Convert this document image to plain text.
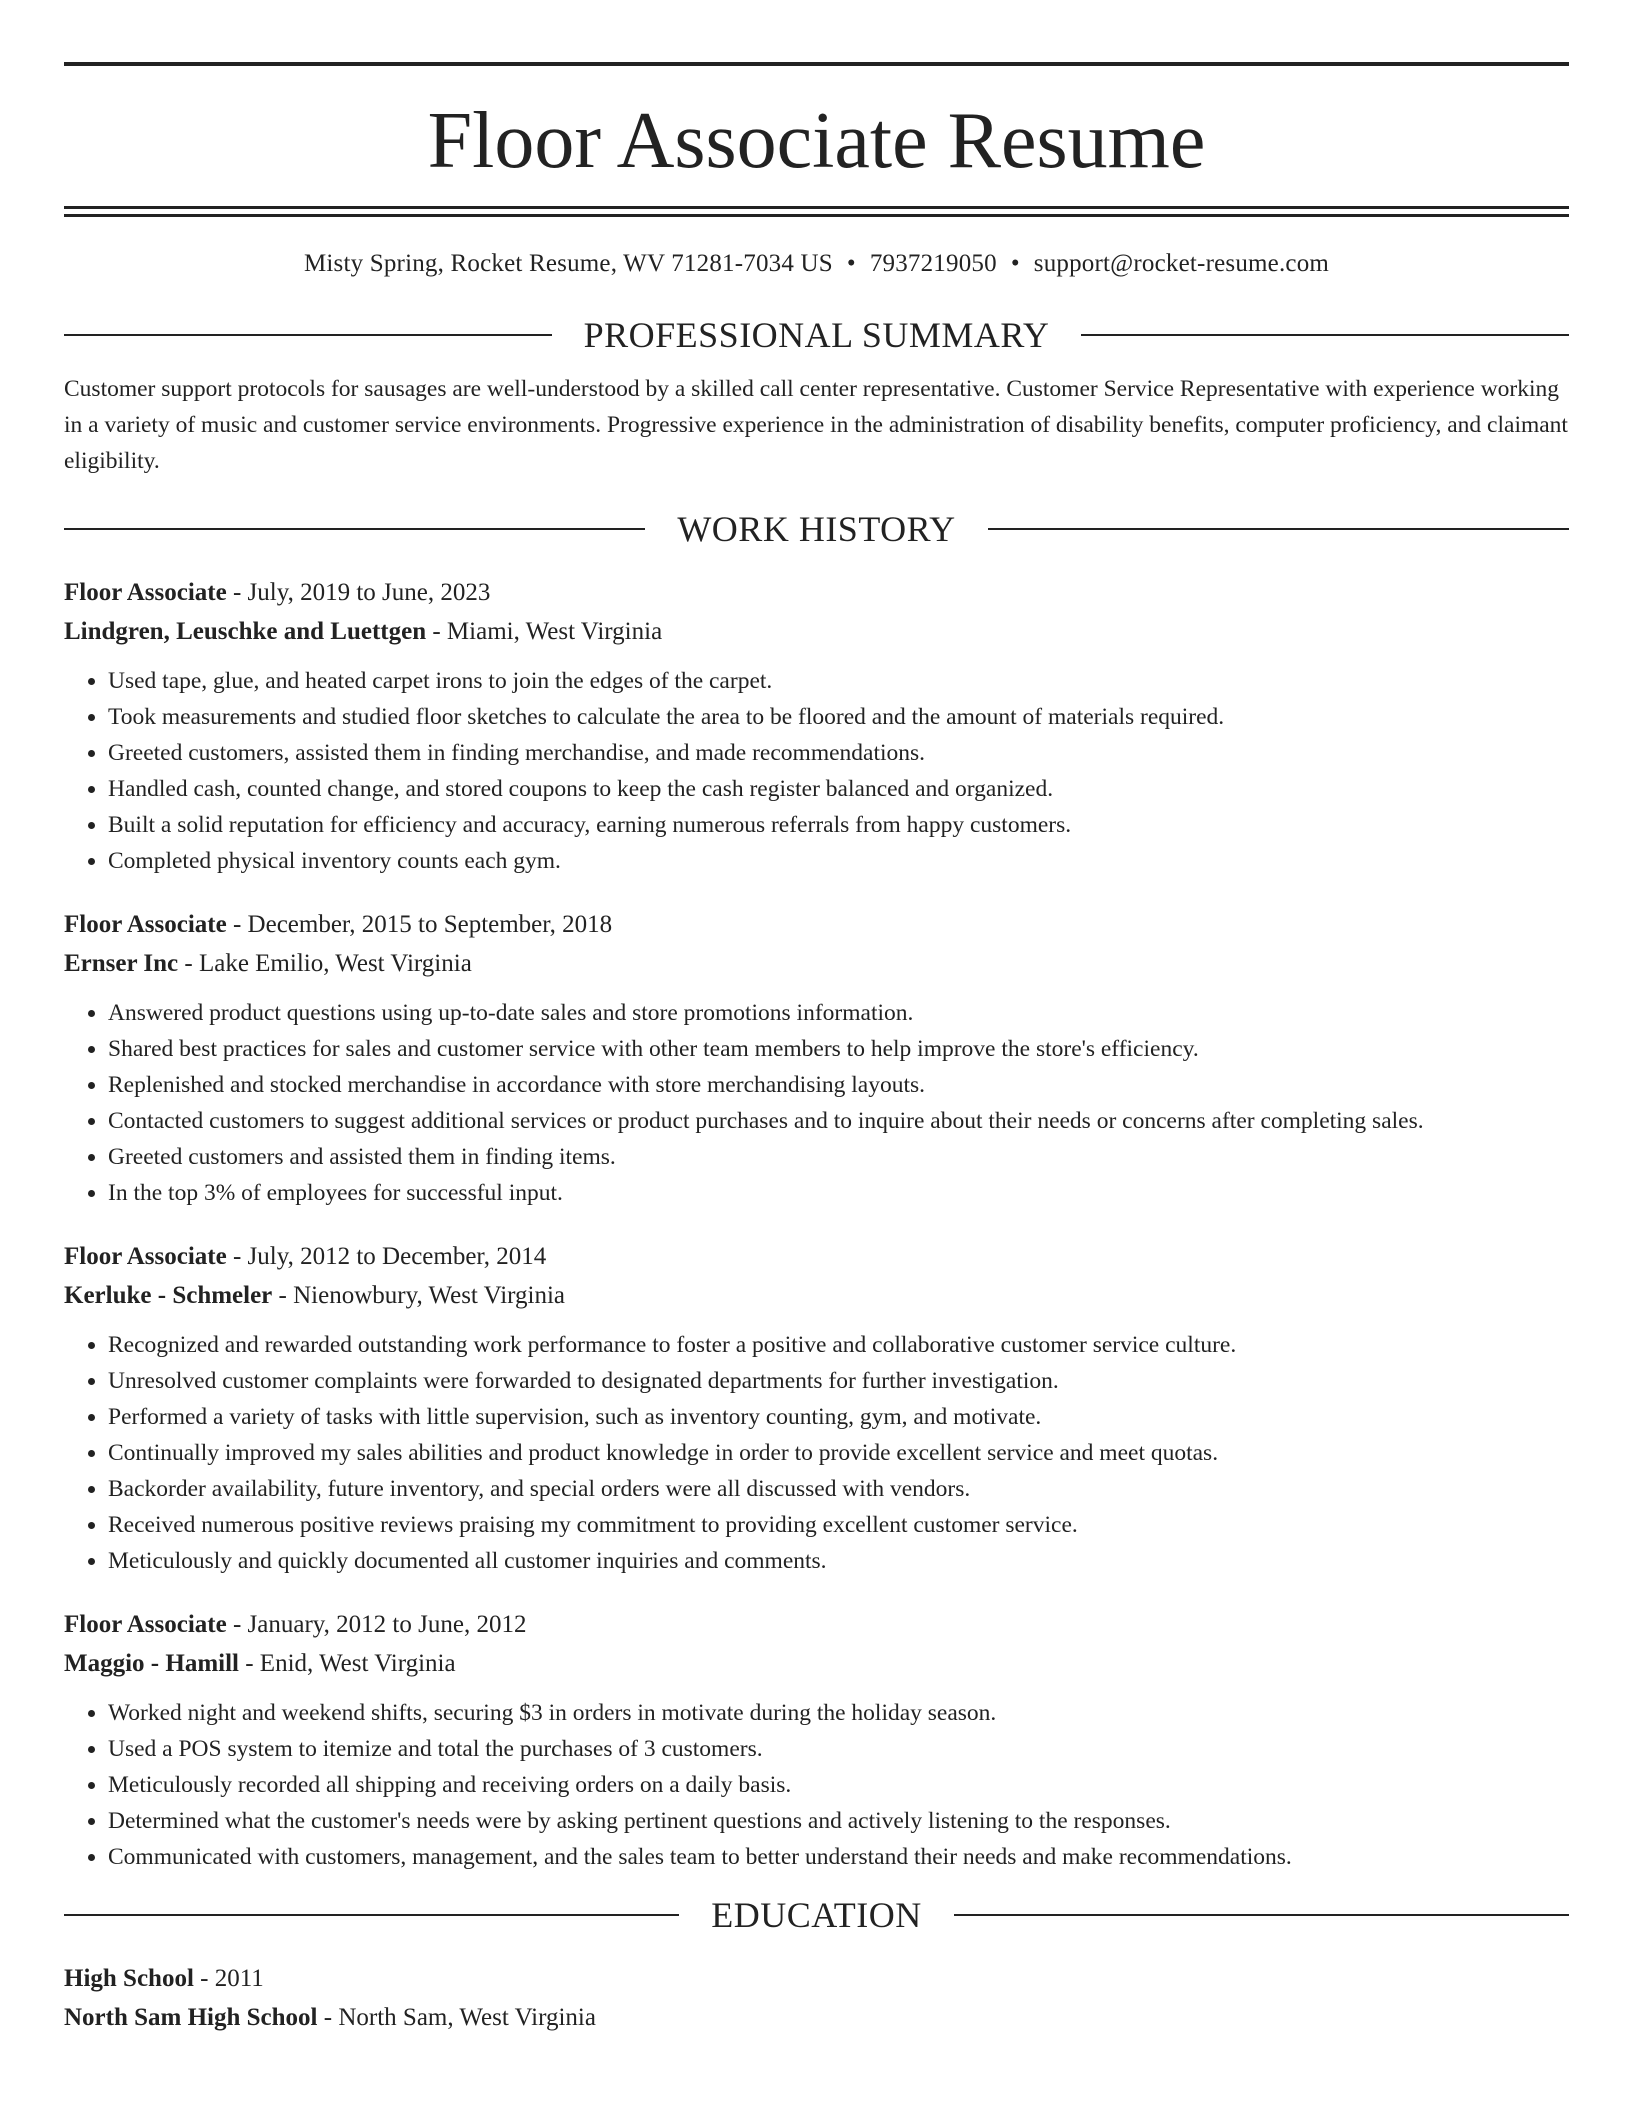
Floor Associate Resume
Misty Spring, Rocket Resume, WV 71281-7034 US • 7937219050 • support@rocket-resume.com
PROFESSIONAL SUMMARY
Customer support protocols for sausages are well-understood by a skilled call center representative. Customer Service Representative with experience working in a variety of music and customer service environments. Progressive experience in the administration of disability benefits, computer proficiency, and claimant eligibility.
WORK HISTORY
Floor Associate - July, 2019 to June, 2023
Lindgren, Leuschke and Luettgen - Miami, West Virginia
• Used tape, glue, and heated carpet irons to join the edges of the carpet.
• Took measurements and studied floor sketches to calculate the area to be floored and the amount of materials required.
• Greeted customers, assisted them in finding merchandise, and made recommendations.
• Handled cash, counted change, and stored coupons to keep the cash register balanced and organized.
• Built a solid reputation for efficiency and accuracy, earning numerous referrals from happy customers.
• Completed physical inventory counts each gym.
Floor Associate - December, 2015 to September, 2018
Ernser Inc - Lake Emilio, West Virginia
• Answered product questions using up-to-date sales and store promotions information.
• Shared best practices for sales and customer service with other team members to help improve the store's efficiency.
• Replenished and stocked merchandise in accordance with store merchandising layouts.
• Contacted customers to suggest additional services or product purchases and to inquire about their needs or concerns after completing sales.
• Greeted customers and assisted them in finding items.
• In the top 3% of employees for successful input.
Floor Associate - July, 2012 to December, 2014
Kerluke - Schmeler - Nienowbury, West Virginia
• Recognized and rewarded outstanding work performance to foster a positive and collaborative customer service culture.
• Unresolved customer complaints were forwarded to designated departments for further investigation.
• Performed a variety of tasks with little supervision, such as inventory counting, gym, and motivate.
• Continually improved my sales abilities and product knowledge in order to provide excellent service and meet quotas.
• Backorder availability, future inventory, and special orders were all discussed with vendors.
• Received numerous positive reviews praising my commitment to providing excellent customer service.
• Meticulously and quickly documented all customer inquiries and comments.
Floor Associate - January, 2012 to June, 2012
Maggio - Hamill - Enid, West Virginia
• Worked night and weekend shifts, securing $3 in orders in motivate during the holiday season.
• Used a POS system to itemize and total the purchases of 3 customers.
• Meticulously recorded all shipping and receiving orders on a daily basis.
• Determined what the customer's needs were by asking pertinent questions and actively listening to the responses.
• Communicated with customers, management, and the sales team to better understand their needs and make recommendations.
EDUCATION
High School - 2011
North Sam High School - North Sam, West Virginia
